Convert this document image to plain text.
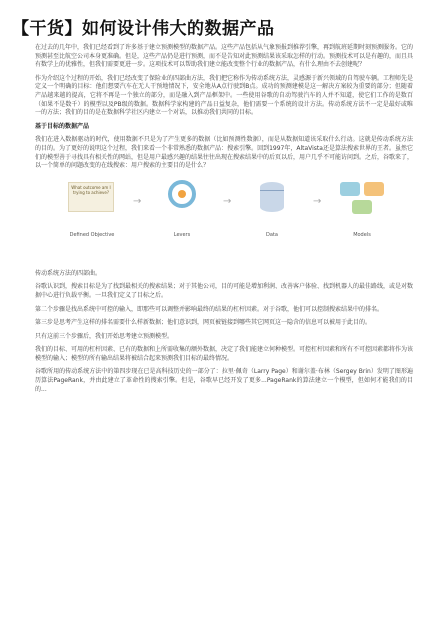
【干货】如何设计伟大的数据产品

在过去的几年中，我们已经看到了许多基于建立预测模型的数据产品。这些产品包括从气象预报到推荐引擎，再到航班延期时刻预测服务。它的预测甚至比航空公司本身更准确。但是，这些产品仍是进行预测，而不是告知对此预测结果该采取怎样的行动。预测技术可以是有趣的，而且具有数学上的优雅性，但我们需要更进一步。这项技术可以帮助我们建立能改变整个行业的数据产品，有什么理由不去创建呢？

作为介绍这个过程的开始，我们已经改变了保险业的四部曲方法，我们把它称作为传动系统方法，灵感源于新兴领域的自驾驶车辆。工程师先是定义一个明确的目标：他们想要汽车在无人干预地情况下，安全地从A点行驶到B点。成功的预测建模是这一解决方案较为重要的部分；但随着产品越来越的提高，它将不再是一个独立的部分，而是融入到产品框架中。一些使用谷歌的自动驾驶汽车的人并不知道，使它们工作的是数百（如果不是数千）的模型以及PB级的数据。数据科学家构建的产品日益复杂，他们需要一个系统的设计方法。传动系统方法不一定是最好或唯一的方法；我们的目的是在数据科学社区内建立一个对话，以推动我们共同的目标。

基于目标的数据产品

我们在进入数据驱动的时代，使用数据不只是为了产生更多的数据（比如预测性数据），而是从数据知道该采取什么行动。这就是传动系统方法的目的。为了更好的说明这个过程，我们来看一个非常熟悉的数据产品：搜索引擎。回到1997年，AltaVista还是算法搜索世界的王者。虽然它们的模型善于寻找具有相关性的网站，但是用户最感兴趣的结果往往出现在搜索结果中的后页以后，用户几乎不可能访问到。之后，谷歌来了，以一个简单的问题改变的在线搜索：用户搜索的主要目的是什么？

What outcome am I trying to achieve?
Defined Objective
→
Levers
→
Data
→
Models

传动系统方法的四部曲。

谷歌认识到，搜索目标是为了找到最相关的搜索结果；对于其他公司，目的可能是增加利润、改善客户体验、找到机器人的最佳路线，或是对数据中心进行负载平衡。一旦我们定义了目标之后。

第二个步骤是找出系统中可控的输入，即那些可以调整并影响最终的结果的杠杆因素。对于谷歌，他们可以控制搜索结果中的排名。

第三步是思考产生这样的排名需要什么样新数据；他们意识到，网页被链接到哪些其它网页这一隐含的信息可以被用于此目的。

只有这前三个步骤后，我们开始思考建立预测模型。

我们的目标、可用的杠杆因素、已有的数据和上所需收集的额外数据，决定了我们能建立何种模型。可控杠杆因素和所有不可控因素都将作为该模型的输入；模型的所有输出结果将被结合起来预测我们目标的最终情况。

谷歌所用的传动系统方法中的第四步现在已是高科技历史的一部分了：拉里·佩奇（Larry Page）和谢尔盖·布林（Sergey Brin）发明了图形遍历算法PageRank，并由此建立了革命性的搜索引擎。但是，谷歌早已经开发了更多...PageRank的算法建立一个模型，但如何才能我们的目的...
